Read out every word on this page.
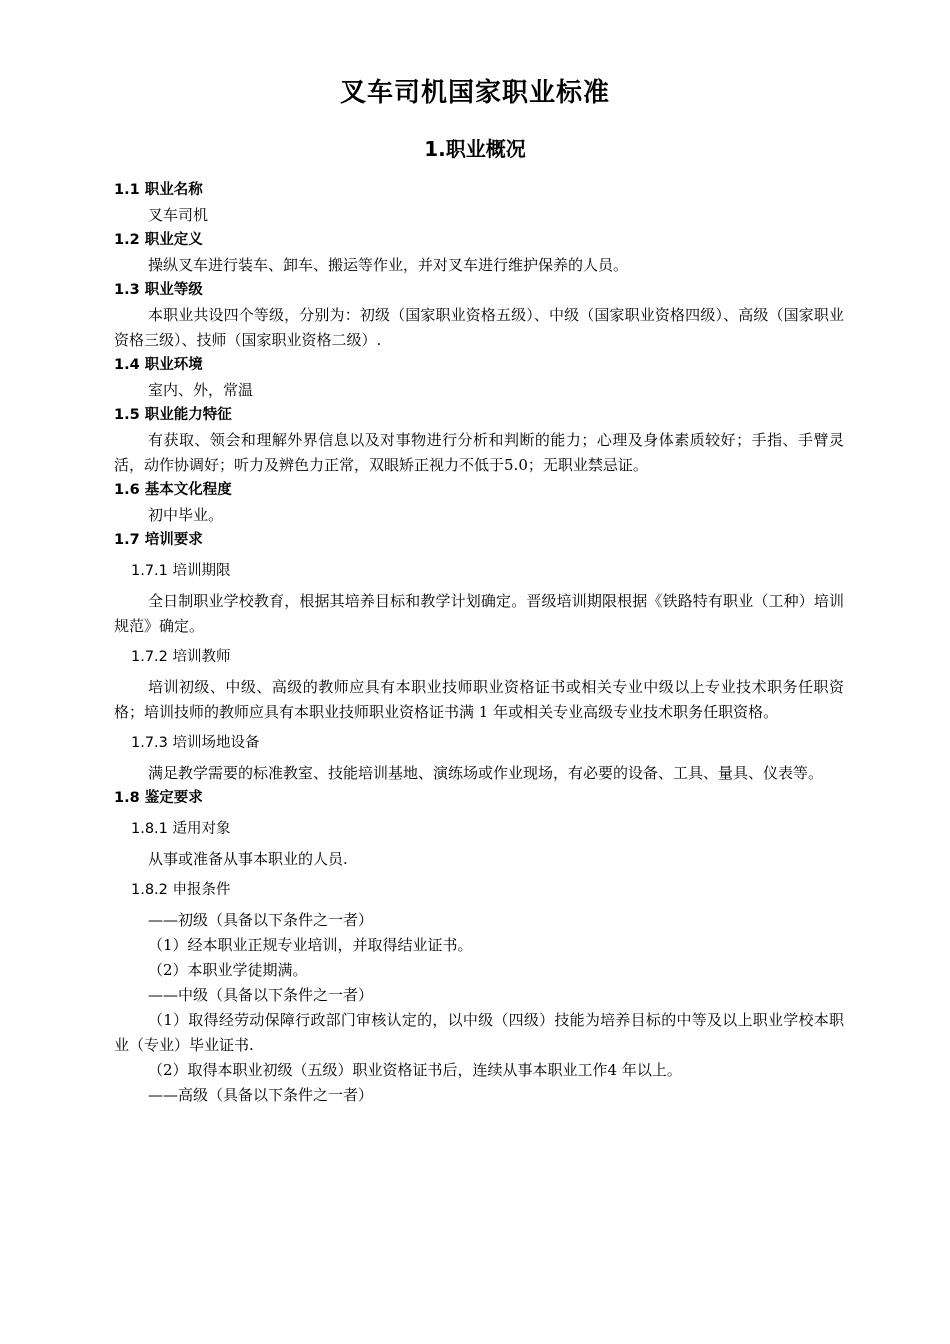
叉车司机国家职业标准
1.职业概况
1.1 职业名称
叉车司机
1.2 职业定义
操纵叉车进行装车、卸车、搬运等作业，并对叉车进行维护保养的人员。
1.3 职业等级
本职业共设四个等级，分别为：初级（国家职业资格五级）、中级（国家职业资格四级）、高级（国家职业资格三级）、技师（国家职业资格二级）.
1.4 职业环境
室内、外，常温
1.5 职业能力特征
有获取、领会和理解外界信息以及对事物进行分析和判断的能力；心理及身体素质较好；手指、手臂灵活，动作协调好；听力及辨色力正常，双眼矫正视力不低于5.0；无职业禁忌证。
1.6 基本文化程度
初中毕业。
1.7 培训要求
1.7.1 培训期限
全日制职业学校教育，根据其培养目标和教学计划确定。晋级培训期限根据《铁路特有职业（工种）培训规范》确定。
1.7.2 培训教师
培训初级、中级、高级的教师应具有本职业技师职业资格证书或相关专业中级以上专业技术职务任职资格；培训技师的教师应具有本职业技师职业资格证书满 1 年或相关专业高级专业技术职务任职资格。
1.7.3 培训场地设备
满足教学需要的标准教室、技能培训基地、演练场或作业现场，有必要的设备、工具、量具、仪表等。
1.8 鉴定要求
1.8.1 适用对象
从事或准备从事本职业的人员.
1.8.2 申报条件
——初级（具备以下条件之一者）
（1）经本职业正规专业培训，并取得结业证书。
（2）本职业学徒期满。
——中级（具备以下条件之一者）
（1）取得经劳动保障行政部门审核认定的，以中级（四级）技能为培养目标的中等及以上职业学校本职业（专业）毕业证书.
（2）取得本职业初级（五级）职业资格证书后，连续从事本职业工作4 年以上。
——高级（具备以下条件之一者）
